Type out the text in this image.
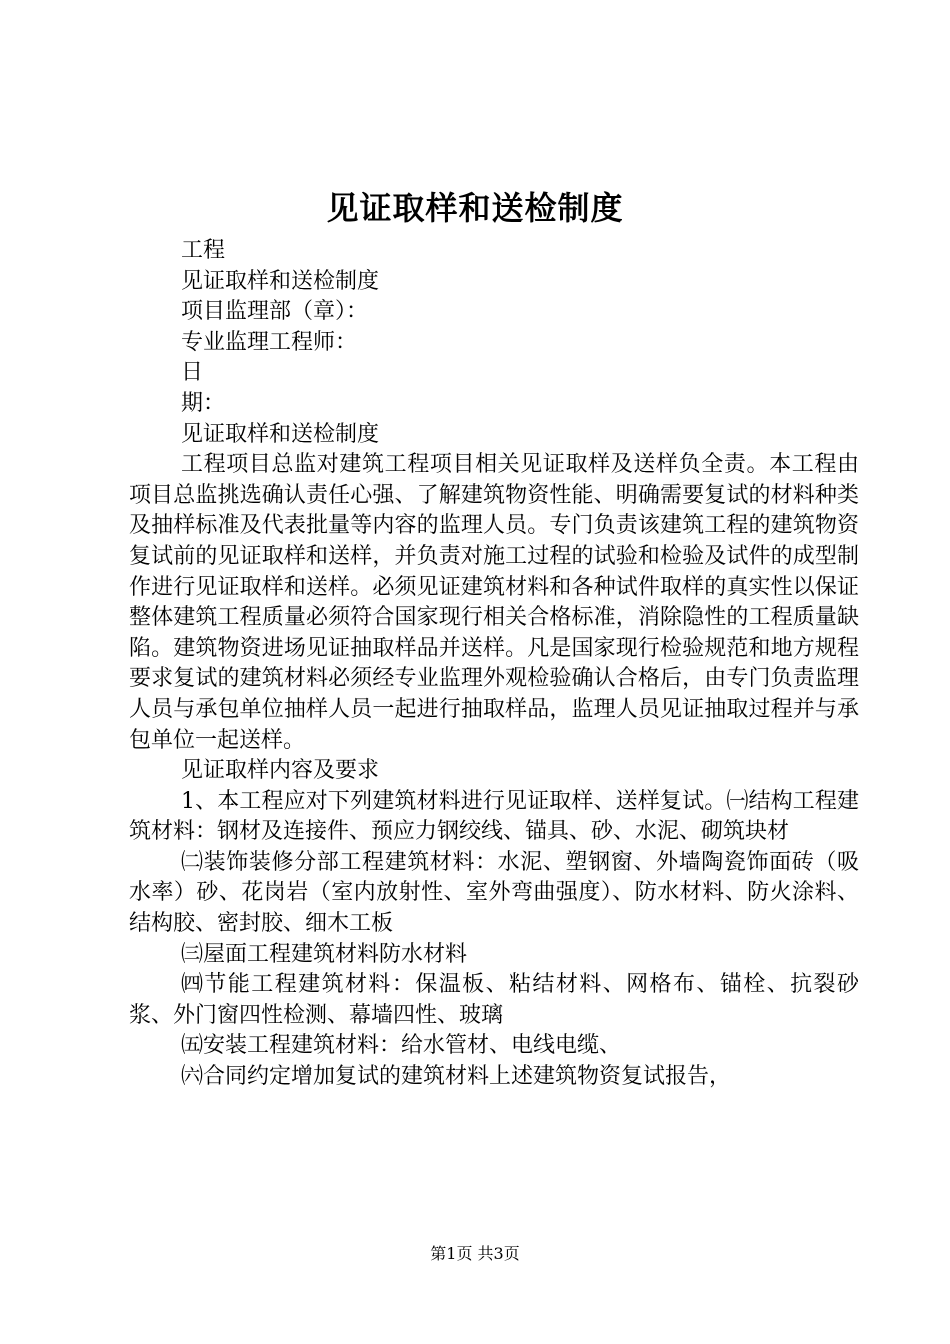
见证取样和送检制度

工程

见证取样和送检制度

项目监理部（章）：

专业监理工程师：

日

期：

见证取样和送检制度

工程项目总监对建筑工程项目相关见证取样及送样负全责。本工程由项目总监挑选确认责任心强、了解建筑物资性能、明确需要复试的材料种类及抽样标准及代表批量等内容的监理人员。专门负责该建筑工程的建筑物资复试前的见证取样和送样，并负责对施工过程的试验和检验及试件的成型制作进行见证取样和送样。必须见证建筑材料和各种试件取样的真实性以保证整体建筑工程质量必须符合国家现行相关合格标准，消除隐性的工程质量缺陷。建筑物资进场见证抽取样品并送样。凡是国家现行检验规范和地方规程要求复试的建筑材料必须经专业监理外观检验确认合格后，由专门负责监理人员与承包单位抽样人员一起进行抽取样品，监理人员见证抽取过程并与承包单位一起送样。

见证取样内容及要求

1、本工程应对下列建筑材料进行见证取样、送样复试。㈠结构工程建筑材料：钢材及连接件、预应力钢绞线、锚具、砂、水泥、砌筑块材

㈡装饰装修分部工程建筑材料：水泥、塑钢窗、外墙陶瓷饰面砖（吸水率）砂、花岗岩（室内放射性、室外弯曲强度）、防水材料、防火涂料、结构胶、密封胶、细木工板

㈢屋面工程建筑材料防水材料

㈣节能工程建筑材料：保温板、粘结材料、网格布、锚栓、抗裂砂浆、外门窗四性检测、幕墙四性、玻璃

㈤安装工程建筑材料：给水管材、电线电缆、

㈥合同约定增加复试的建筑材料上述建筑物资复试报告，

第1页 共3页
